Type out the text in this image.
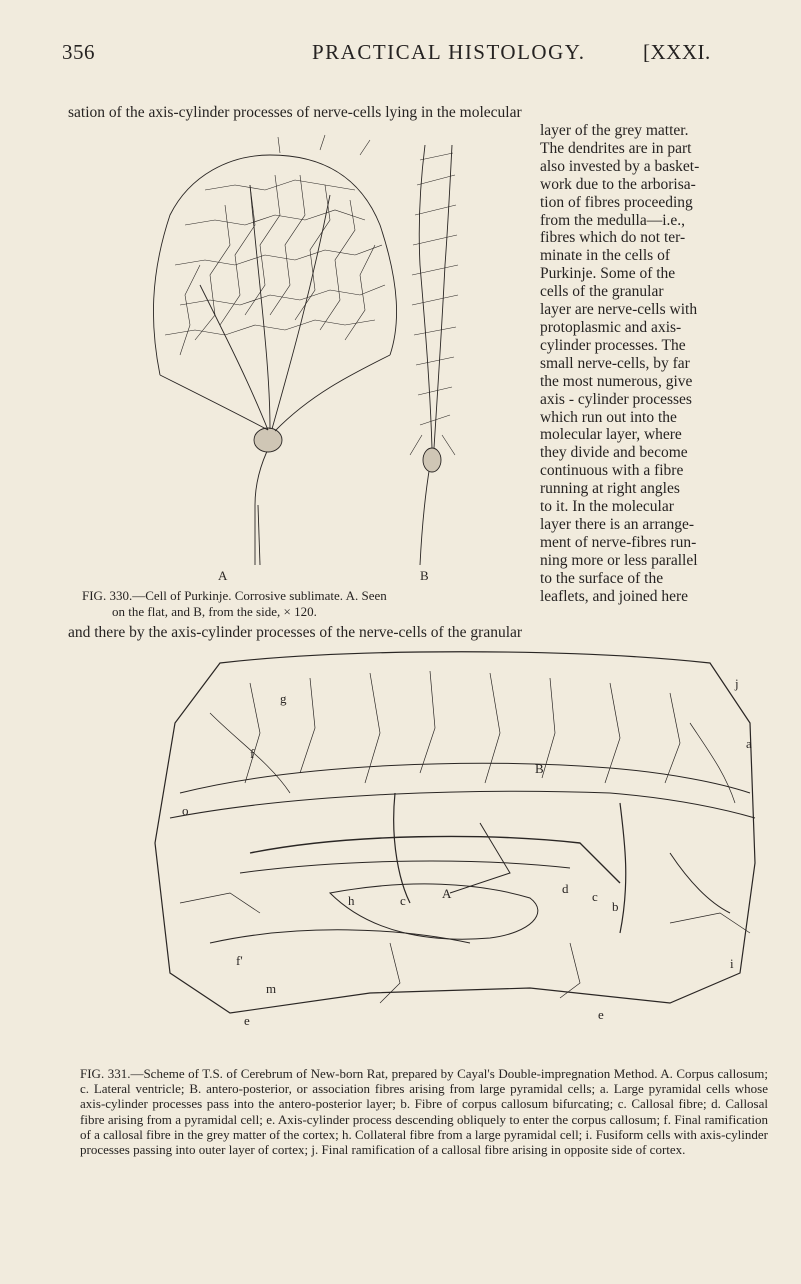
356	PRACTICAL HISTOLOGY.	[XXXI.
sation of the axis-cylinder processes of nerve-cells lying in the molecular
A	B
layer of the grey matter.
The dendrites are in part
also invested by a basket-
work due to the arborisa-
tion of fibres proceeding
from the medulla—i.e.,
fibres which do not ter-
minate in the cells of
Purkinje. Some of the
cells of the granular
layer are nerve-cells with
protoplasmic and axis-
cylinder processes. The
small nerve-cells, by far
the most numerous, give
axis - cylinder processes
which run out into the
molecular layer, where
they divide and become
continuous with a fibre
running at right angles
to it. In the molecular
layer there is an arrange-
ment of nerve-fibres run-
ning more or less parallel
to the surface of the
leaflets, and joined here
FIG. 330.—Cell of Purkinje. Corrosive sublimate. A. Seen
on the flat, and B, from the side, × 120.
and there by the axis-cylinder processes of the nerve-cells of the granular
g
f
j
B
a
o
h	c	A	d
c
b
f'
m
e	e
i
FIG. 331.—Scheme of T.S. of Cerebrum of New-born Rat, prepared by Cayal's Double-impregnation Method. A. Corpus callosum; c. Lateral ventricle; B. antero-posterior, or association fibres arising from large pyramidal cells; a. Large pyramidal cells whose axis-cylinder processes pass into the antero-posterior layer; b. Fibre of corpus callosum bifurcating; c. Callosal fibre; d. Callosal fibre arising from a pyramidal cell; e. Axis-cylinder process descending obliquely to enter the corpus callosum; f. Final ramification of a callosal fibre in the grey matter of the cortex; h. Collateral fibre from a large pyramidal cell; i. Fusiform cells with axis-cylinder processes passing into outer layer of cortex; j. Final ramification of a callosal fibre arising in opposite side of cortex.
